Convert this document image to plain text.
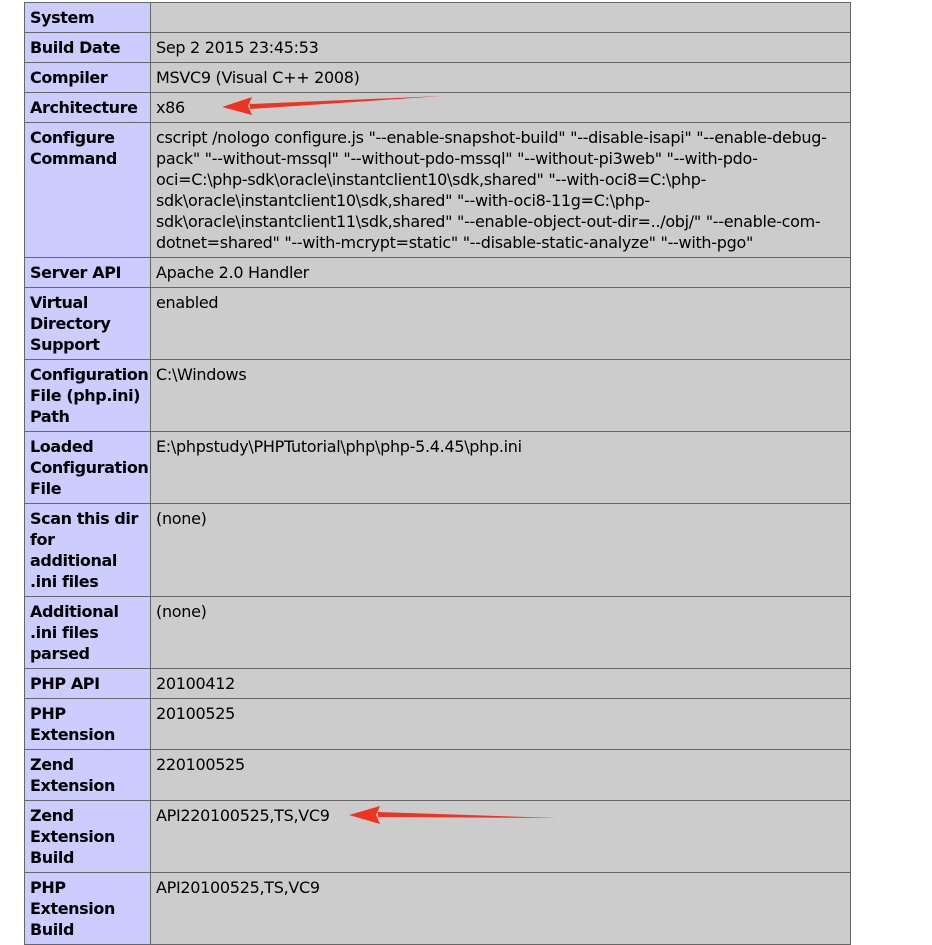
System	
Build Date	Sep 2 2015 23:45:53
Compiler	MSVC9 (Visual C++ 2008)
Architecture	x86
Configure Command	cscript /nologo configure.js "--enable-snapshot-build" "--disable-isapi" "--enable-debug-pack" "--without-mssql" "--without-pdo-mssql" "--without-pi3web" "--with-pdo-oci=C:\php-sdk\oracle\instantclient10\sdk,shared" "--with-oci8=C:\php-sdk\oracle\instantclient10\sdk,shared" "--with-oci8-11g=C:\php-sdk\oracle\instantclient11\sdk,shared" "--enable-object-out-dir=../obj/" "--enable-com-dotnet=shared" "--with-mcrypt=static" "--disable-static-analyze" "--with-pgo"
Server API	Apache 2.0 Handler
Virtual Directory Support	enabled
Configuration File (php.ini) Path	C:\Windows
Loaded Configuration File	E:\phpstudy\PHPTutorial\php\php-5.4.45\php.ini
Scan this dir for additional .ini files	(none)
Additional .ini files parsed	(none)
PHP API	20100412
PHP Extension	20100525
Zend Extension	220100525
Zend Extension Build	API220100525,TS,VC9
PHP Extension Build	API20100525,TS,VC9
